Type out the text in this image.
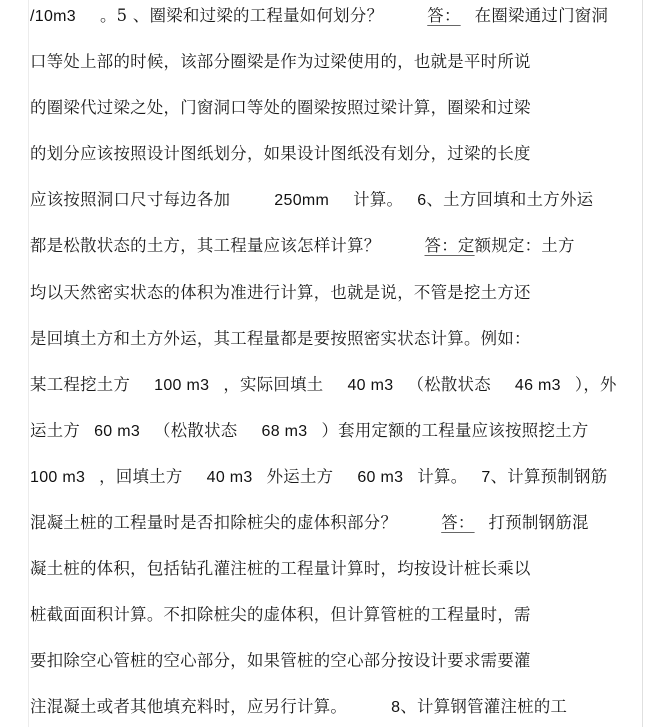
/10m3 。5 、圈梁和过梁的工程量如何划分？	答： 在圈梁通过门窗洞
口等处上部的时候，该部分圈梁是作为过梁使用的，也就是平时所说
的圈梁代过梁之处，门窗洞口等处的圈梁按照过梁计算，圈梁和过梁
的划分应该按照设计图纸划分，如果设计图纸没有划分，过梁的长度
应该按照洞口尺寸每边各加	250mm 计算。 6、土方回填和土方外运
都是松散状态的土方，其工程量应该怎样计算？	答：定额规定：土方
均以天然密实状态的体积为准进行计算，也就是说，不管是挖土方还
是回填土方和土方外运，其工程量都是要按照密实状态计算。例如：
某工程挖土方 100 m3 ，实际回填土 40 m3 （松散状态 46 m3 ），外
运土方 60 m3 （松散状态 68 m3 ）套用定额的工程量应该按照挖土方
100 m3 ，回填土方 40 m3 外运土方 60 m3 计算。 7、计算预制钢筋
混凝土桩的工程量时是否扣除桩尖的虚体积部分？	答： 打预制钢筋混
凝土桩的体积，包括钻孔灌注桩的工程量计算时，均按设计桩长乘以
桩截面面积计算。不扣除桩尖的虚体积，但计算管桩的工程量时，需
要扣除空心管桩的空心部分，如果管桩的空心部分按设计要求需要灌
注混凝土或者其他填充料时，应另行计算。	8、计算钢管灌注桩的工
